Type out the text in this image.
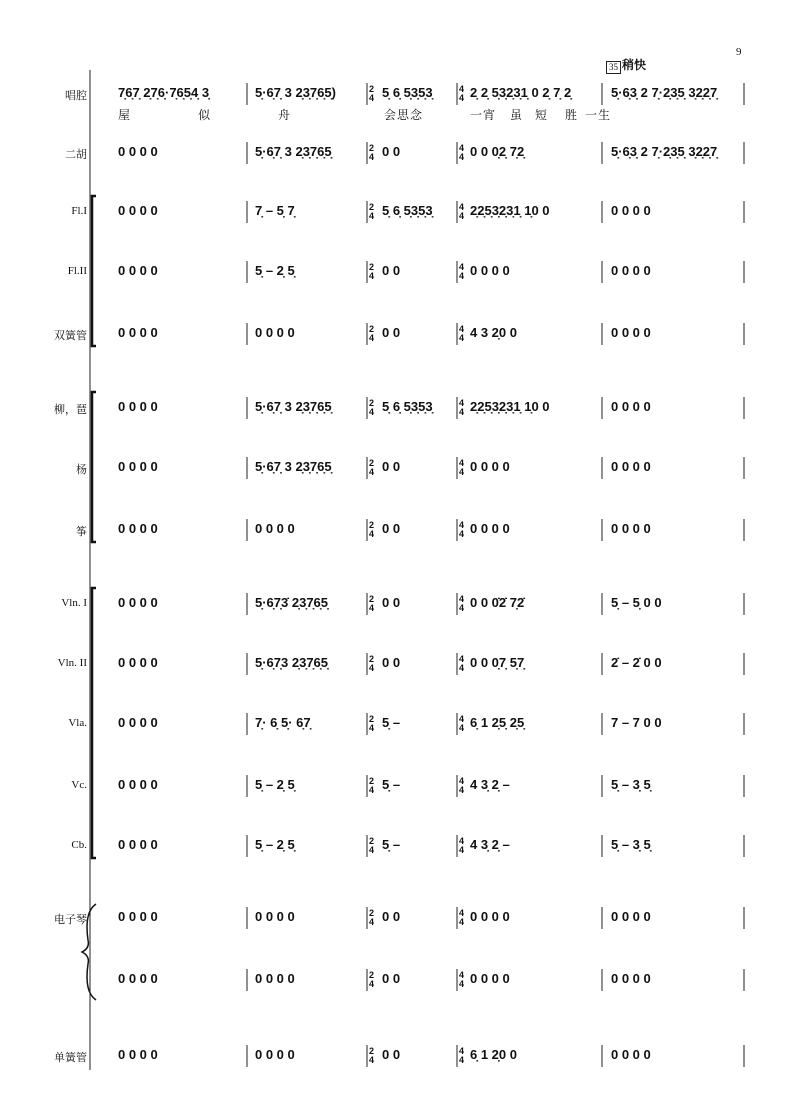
9
35 稍快
屋	似	舟	会思念	一宵 虽 短 胜 一生
唱腔 7̣6̣7̣ 2̣7̣6̣·7̣6̣5̣4̣ 3̣	5̣·6̣7̣ 3 2̣3̣7̣6̣5̣)	5̣ 6̣ 5̣3̣5̣3̣	2̣ 2̣ 5̣3̣2̣3̣1̣ 0 2̣ 7̣ 2̣	5̣·6̣3̣ 2 7̣·2̣3̣5̣ 3̣2̣2̣7̣
2
4
4
4
二胡 0 0 0 0	5̣·6̣7̣ 3 2̣3̣7̣6̣5̣	0 0	0 0 0̣2̣ 7̣2̣	5̣·6̣3̣ 2 7̣·2̣3̣5̣ 3̣2̣2̣7̣
2
4
4
4
Fl.I 0 0 0 0	7̣ – 5̣ 7̣	5̣ 6̣ 5̣3̣5̣3̣	2̣2̣5̣3̣2̣3̣1̣ 1̣0 0	0 0 0 0
2
4
4
4
Fl.II 0 0 0 0	5̣ – 2̣ 5̣	0 0	0 0 0 0	0 0 0 0
2
4
4
4
双簧管 0 0 0 0	0 0 0 0	0 0	4 3 2̣0 0	0 0 0 0
2
4
4
4
柳，琶 0 0 0 0	5̣·6̣7̣ 3 2̣3̣7̣6̣5̣	5̣ 6̣ 5̣3̣5̣3̣	2̣2̣5̣3̣2̣3̣1̣ 1̣0 0	0 0 0 0
2
4
4
4
杨 0 0 0 0	5̣·6̣7̣ 3 2̣3̣7̣6̣5̣	0 0	0 0 0 0	0 0 0 0
2
4
4
4
筝 0 0 0 0	0 0 0 0	0 0	0 0 0 0	0 0 0 0
2
4
4
4
Vln. I 0 0 0 0	5̣·6̣7̣3̇ 2̣3̣7̣6̣5̣	0 0	0 0 0̇2̇ 7̣2̇	5̣ – 5̣ 0 0
2
4
4
4
Vln. II 0 0 0 0	5̣·6̣7̣3 2̣3̣7̣6̣5̣	0 0	0 0 0̣7̣ 5̣7̣	2̇ – 2̇ 0 0
2
4
4
4
Vla. 0 0 0 0	7̣· 6̣ 5̣· 6̣7̣	5̣ –	6̣ 1 2̣5̣ 2̣5̣	7 – 7 0 0
2
4
4
4
Vc. 0 0 0 0	5̣ – 2̣ 5̣	5̣ –	4 3̣ 2̣ –	5̣ – 3̣ 5̣
2
4
4
4
Cb. 0 0 0 0	5̣ – 2̣ 5̣	5̣ –	4 3̣ 2̣ –	5̣ – 3̣ 5̣
2
4
4
4
电子琴 0 0 0 0	0 0 0 0	0 0	0 0 0 0	0 0 0 0
2
4
4
4
0 0 0 0	0 0 0 0	0 0	0 0 0 0	0 0 0 0
2
4
4
4
单簧管 0 0 0 0	0 0 0 0	0 0	6̣ 1 2̣0 0	0 0 0 0
2
4
4
4
